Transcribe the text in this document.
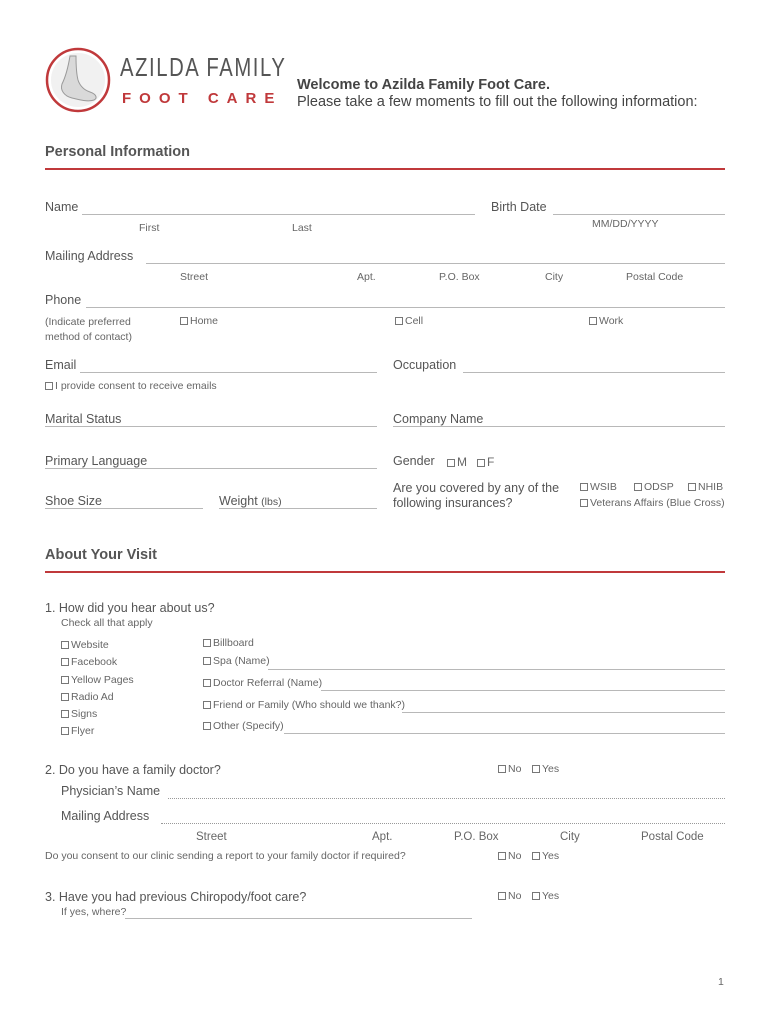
AZILDA FAMILY
FOOT CARE
Welcome to Azilda Family Foot Care.
Please take a few moments to fill out the following information:
Personal Information
Name
First	Last
Birth Date
MM/DD/YYYY
Mailing Address
Street	Apt.	P.O. Box	City	Postal Code
Phone
(Indicate preferred
method of contact)
Home	Cell	Work
Email
I provide consent to receive emails
Occupation
Marital Status	Company Name
Primary Language	Gender	M	F
Shoe Size	Weight (lbs)
Are you covered by any of the
following insurances?
WSIB	ODSP	NHIB
Veterans Affairs (Blue Cross)
About Your Visit
1. How did you hear about us?
Check all that apply
Website
Facebook
Yellow Pages
Radio Ad
Signs
Flyer
Billboard
Spa (Name)
Doctor Referral (Name)
Friend or Family (Who should we thank?)
Other (Specify)
2. Do you have a family doctor?	No	Yes
Physician’s Name
Mailing Address
Street	Apt.	P.O. Box	City	Postal Code
Do you consent to our clinic sending a report to your family doctor if required?	No	Yes
3. Have you had previous Chiropody/foot care?	No	Yes
If yes, where?
1
